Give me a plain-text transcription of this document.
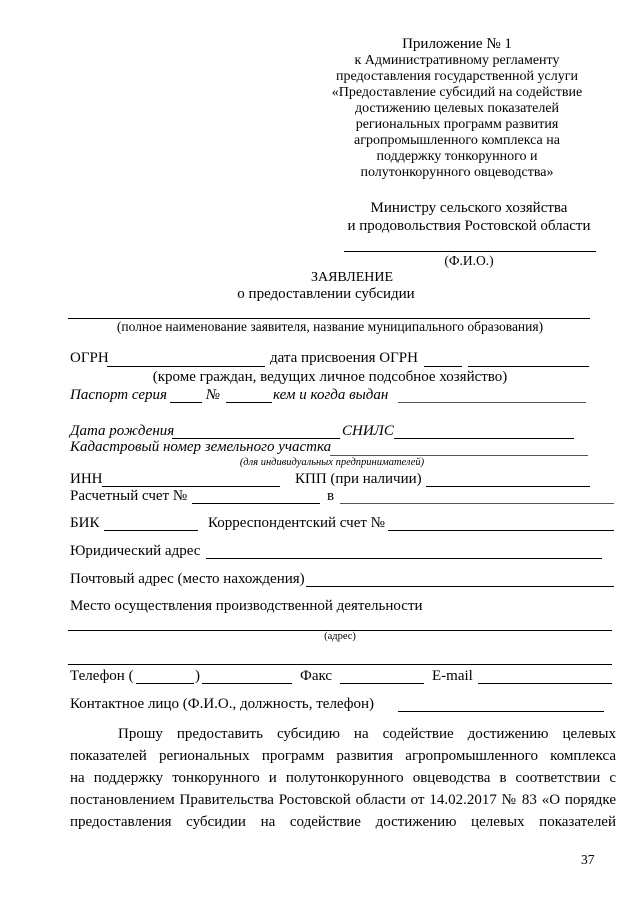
Приложение № 1
к Административному регламенту
предоставления государственной услуги
«Предоставление субсидий на содействие
достижению целевых показателей
региональных программ развития
агропромышленного комплекса на
поддержку тонкорунного и
полутонкорунного овцеводства»
Министру сельского хозяйства
и продовольствия Ростовской области
(Ф.И.О.)
ЗАЯВЛЕНИЕ
о предоставлении субсидии
(полное наименование заявителя, название муниципального образования)
ОГРН	дата присвоения ОГРН
(кроме граждан, ведущих личное подсобное хозяйство)
Паспорт серия	№	кем и когда выдан
Дата рождения	СНИЛС
Кадастровый номер земельного участка
(для индивидуальных предпринимателей)
ИНН	КПП (при наличии)
Расчетный счет №	в
БИК	Корреспондентский счет №
Юридический адрес
Почтовый адрес (место нахождения)
Место осуществления производственной деятельности
(адрес)
Телефон (	)	Факс	E-mail
Контактное лицо (Ф.И.О., должность, телефон)
Прошу предоставить субсидию на содействие достижению целевых
показателей региональных программ развития агропромышленного комплекса
на поддержку тонкорунного и полутонкорунного овцеводства в соответствии с
постановлением Правительства Ростовской области от 14.02.2017 № 83 «О порядке
предоставления субсидии на содействие достижению целевых показателей
37
